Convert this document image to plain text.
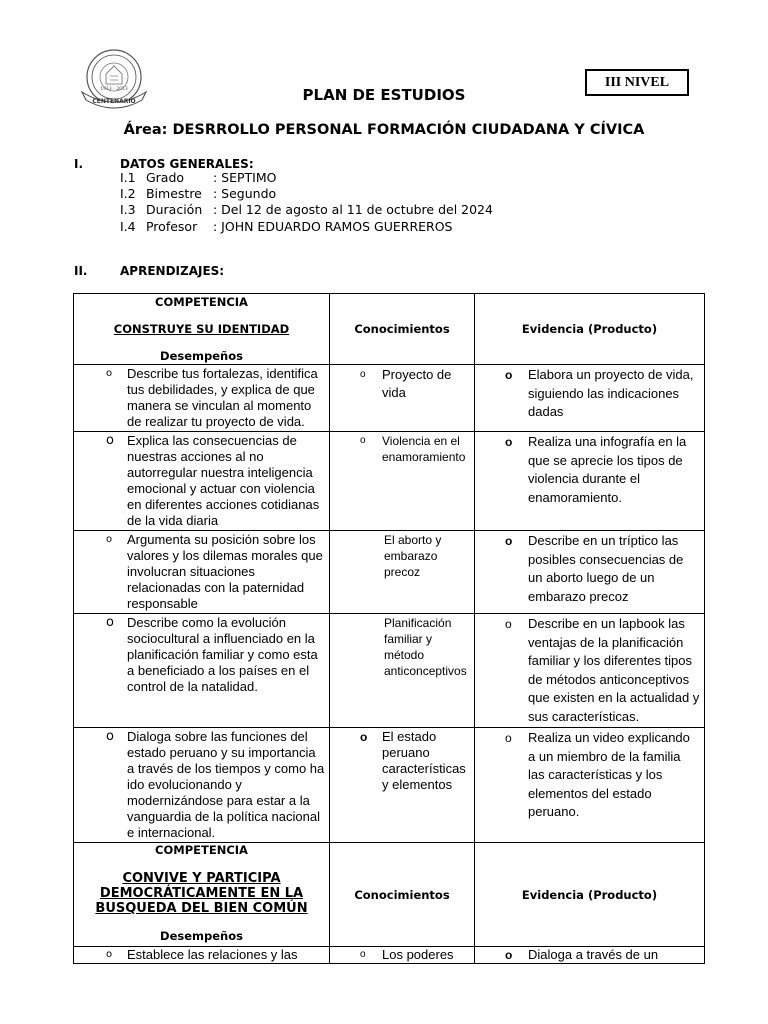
CENTENARIO
1913 - 2013	III NIVEL
PLAN DE ESTUDIOS
Área: DESRROLLO PERSONAL FORMACIÓN CIUDADANA Y CÍVICA
I.	DATOS GENERALES:
I.1 Grado : SEPTIMO
I.2 Bimestre : Segundo
I.3 Duración : Del 12 de agosto al 11 de octubre del 2024
I.4 Profesor : JOHN EDUARDO RAMOS GUERREROS
II.	APRENDIZAJES:
COMPETENCIA
CONSTRUYE SU IDENTIDAD
Desempeños	Conocimientos	Evidencia (Producto)

o Describe tus fortalezas, identifica tus debilidades, y explica de que manera se vinculan al momento de realizar tu proyecto de vida.	o Proyecto de vida	o Elabora un proyecto de vida, siguiendo las indicaciones dadas

o Explica las consecuencias de nuestras acciones al no autorregular nuestra inteligencia emocional y actuar con violencia en diferentes acciones cotidianas de la vida diaria	o Violencia en el enamoramiento	o Realiza una infografía en la que se aprecie los tipos de violencia durante el enamoramiento.

o Argumenta su posición sobre los valores y los dilemas morales que involucran situaciones relacionadas con la paternidad responsable	El aborto y embarazo precoz	o Describe en un tríptico las posibles consecuencias de un aborto luego de un embarazo precoz

o Describe como la evolución sociocultural a influenciado en la planificación familiar y como esta a beneficiado a los países en el control de la natalidad.	Planificación familiar y método anticonceptivos	o Describe en un lapbook las ventajas de la planificación familiar y los diferentes tipos de métodos anticonceptivos que existen en la actualidad y sus características.

o Dialoga sobre las funciones del estado peruano y su importancia a través de los tiempos y como ha ido evolucionando y modernizándose para estar a la vanguardia de la política nacional e internacional.	o El estado peruano características y elementos	o Realiza un video explicando a un miembro de la familia las características y los elementos del estado peruano.

COMPETENCIA
CONVIVE Y PARTICIPA DEMOCRÁTICAMENTE EN LA BUSQUEDA DEL BIEN COMÚN
Desempeños	Conocimientos	Evidencia (Producto)

o Establece las relaciones y las	o Los poderes	o Dialoga a través de un
